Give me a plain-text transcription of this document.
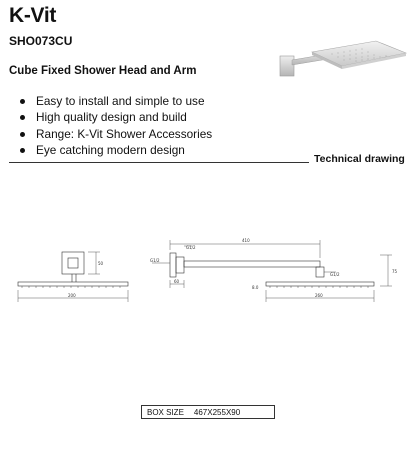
K-Vit
SHO073CU
Cube Fixed Shower Head and Arm
Easy to install and simple to use
High quality design and build
Range: K-Vit Shower Accessories
Eye catching modern design
Technical drawing
200
50
410
260
75
60
G1/2
G1/2
G1/2
8.0
BOX SIZE 467X255X90
